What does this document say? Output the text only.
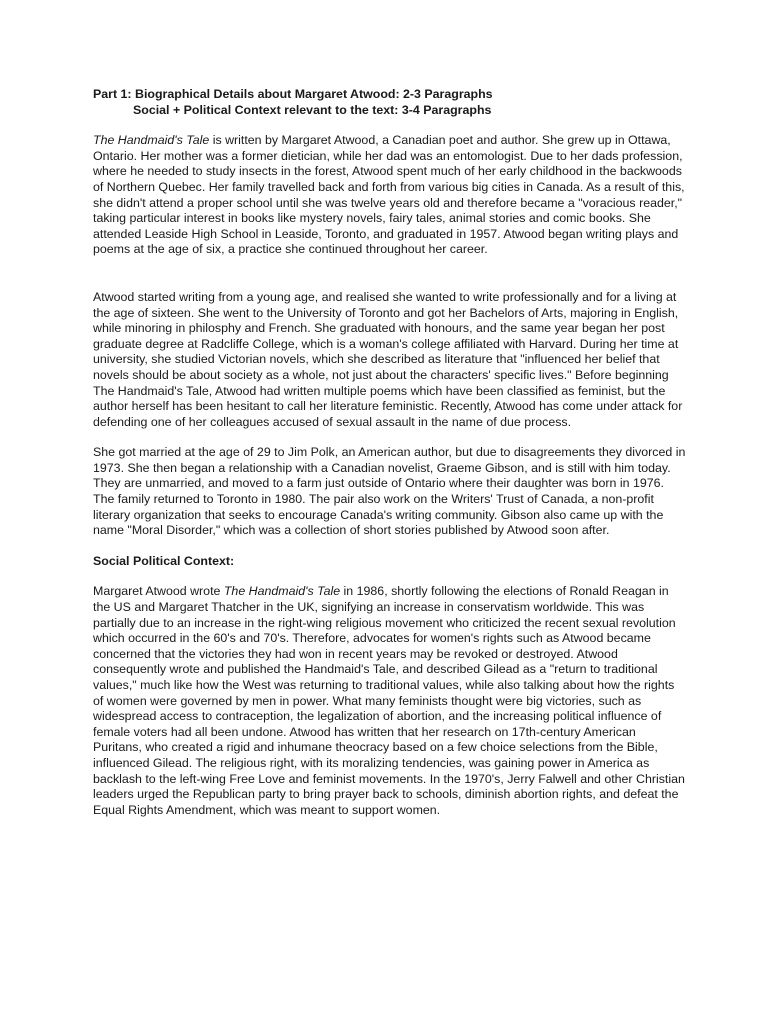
Part 1: Biographical Details about Margaret Atwood: 2-3 Paragraphs

Social + Political Context relevant to the text: 3-4 Paragraphs

The Handmaid's Tale is written by Margaret Atwood, a Canadian poet and author. She grew up in Ottawa, Ontario. Her mother was a former dietician, while her dad was an entomologist. Due to her dads profession, where he needed to study insects in the forest, Atwood spent much of her early childhood in the backwoods of Northern Quebec. Her family travelled back and forth from various big cities in Canada. As a result of this, she didn't attend a proper school until she was twelve years old and therefore became a "voracious reader," taking particular interest in books like mystery novels, fairy tales, animal stories and comic books. She attended Leaside High School in Leaside, Toronto, and graduated in 1957. Atwood began writing plays and poems at the age of six, a practice she continued throughout her career.

Atwood started writing from a young age, and realised she wanted to write professionally and for a living at the age of sixteen. She went to the University of Toronto and got her Bachelors of Arts, majoring in English, while minoring in philosphy and French. She graduated with honours, and the same year began her post graduate degree at Radcliffe College, which is a woman's college affiliated with Harvard. During her time at university, she studied Victorian novels, which she described as literature that "influenced her belief that novels should be about society as a whole, not just about the characters' specific lives." Before beginning The Handmaid's Tale, Atwood had written multiple poems which have been classified as feminist, but the author herself has been hesitant to call her literature feministic. Recently, Atwood has come under attack for defending one of her colleagues accused of sexual assault in the name of due process.

She got married at the age of 29 to Jim Polk, an American author, but due to disagreements they divorced in 1973. She then began a relationship with a Canadian novelist, Graeme Gibson, and is still with him today. They are unmarried, and moved to a farm just outside of Ontario where their daughter was born in 1976. The family returned to Toronto in 1980. The pair also work on the Writers' Trust of Canada, a non-profit literary organization that seeks to encourage Canada's writing community. Gibson also came up with the name "Moral Disorder," which was a collection of short stories published by Atwood soon after.

Social Political Context:

Margaret Atwood wrote The Handmaid's Tale in 1986, shortly following the elections of Ronald Reagan in the US and Margaret Thatcher in the UK, signifying an increase in conservatism worldwide. This was partially due to an increase in the right-wing religious movement who criticized the recent sexual revolution which occurred in the 60's and 70's. Therefore, advocates for women's rights such as Atwood became concerned that the victories they had won in recent years may be revoked or destroyed. Atwood consequently wrote and published the Handmaid's Tale, and described Gilead as a "return to traditional values," much like how the West was returning to traditional values, while also talking about how the rights of women were governed by men in power. What many feminists thought were big victories, such as widespread access to contraception, the legalization of abortion, and the increasing political influence of female voters had all been undone. Atwood has written that her research on 17th-century American Puritans, who created a rigid and inhumane theocracy based on a few choice selections from the Bible, influenced Gilead. The religious right, with its moralizing tendencies, was gaining power in America as backlash to the left-wing Free Love and feminist movements. In the 1970's, Jerry Falwell and other Christian leaders urged the Republican party to bring prayer back to schools, diminish abortion rights, and defeat the Equal Rights Amendment, which was meant to support women.
